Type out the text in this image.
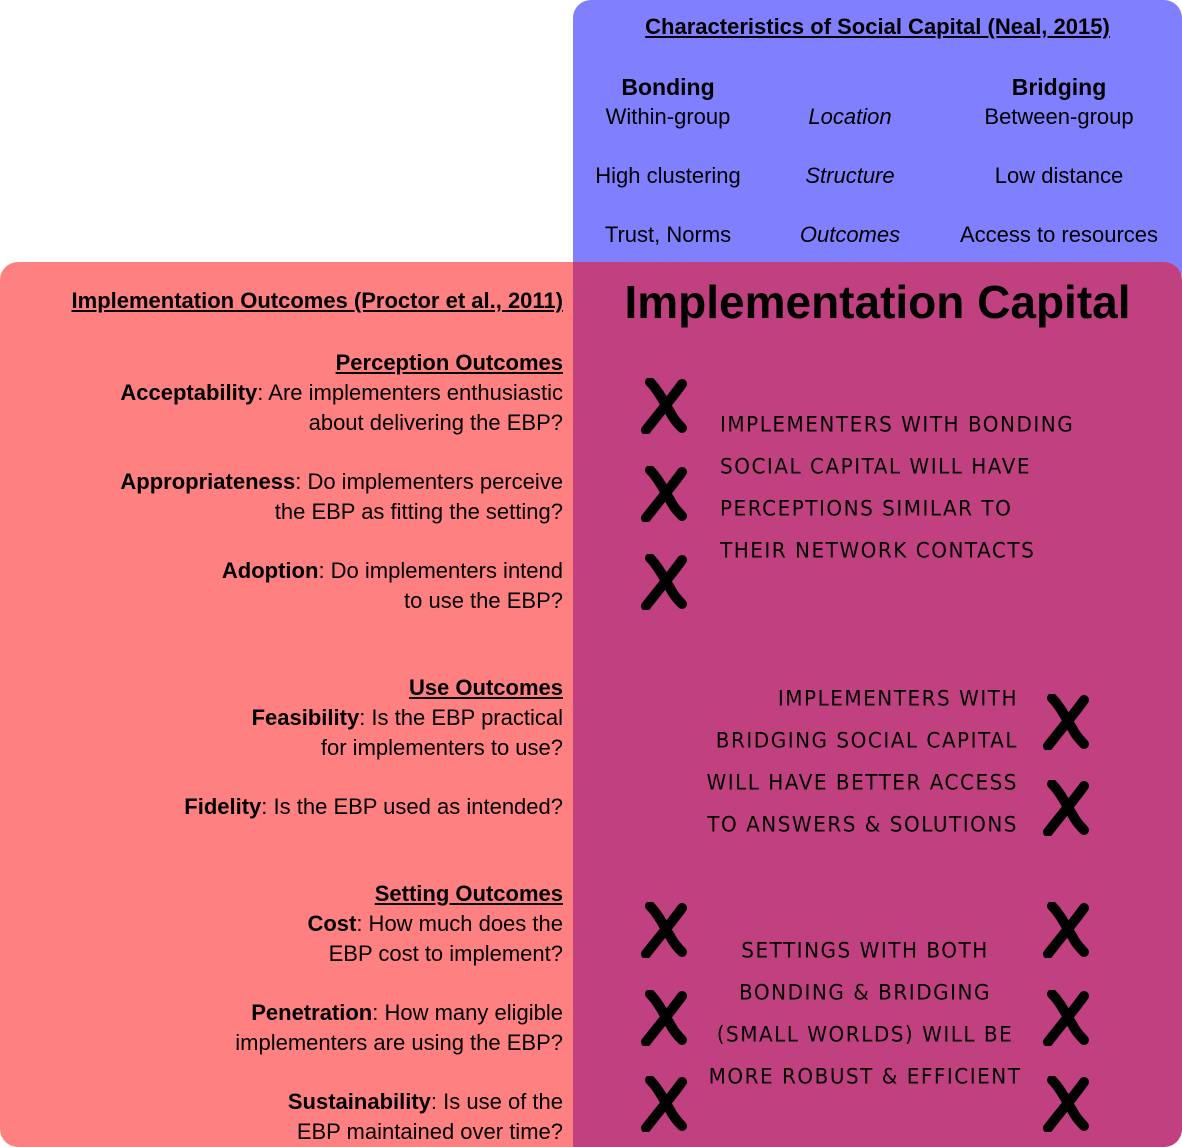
Characteristics of Social Capital (Neal, 2015)
Bonding
Within-group
High clustering
Trust, Norms
Location
Structure
Outcomes
Bridging
Between-group
Low distance
Access to resources
Implementation Outcomes (Proctor et al., 2011)
Perception Outcomes
Acceptability: Are implementers enthusiastic
about delivering the EBP?
Appropriateness: Do implementers perceive
the EBP as fitting the setting?
Adoption: Do implementers intend
to use the EBP?
Use Outcomes
Feasibility: Is the EBP practical
for implementers to use?
Fidelity: Is the EBP used as intended?
Setting Outcomes
Cost: How much does the
EBP cost to implement?
Penetration: How many eligible
implementers are using the EBP?
Sustainability: Is use of the
EBP maintained over time?
Implementation Capital
IMPLEMENTERS WITH BONDING
SOCIAL CAPITAL WILL HAVE
PERCEPTIONS SIMILAR TO
THEIR NETWORK CONTACTS
IMPLEMENTERS WITH
BRIDGING SOCIAL CAPITAL
WILL HAVE BETTER ACCESS
TO ANSWERS & SOLUTIONS
SETTINGS WITH BOTH
BONDING & BRIDGING
(SMALL WORLDS) WILL BE
MORE ROBUST & EFFICIENT
